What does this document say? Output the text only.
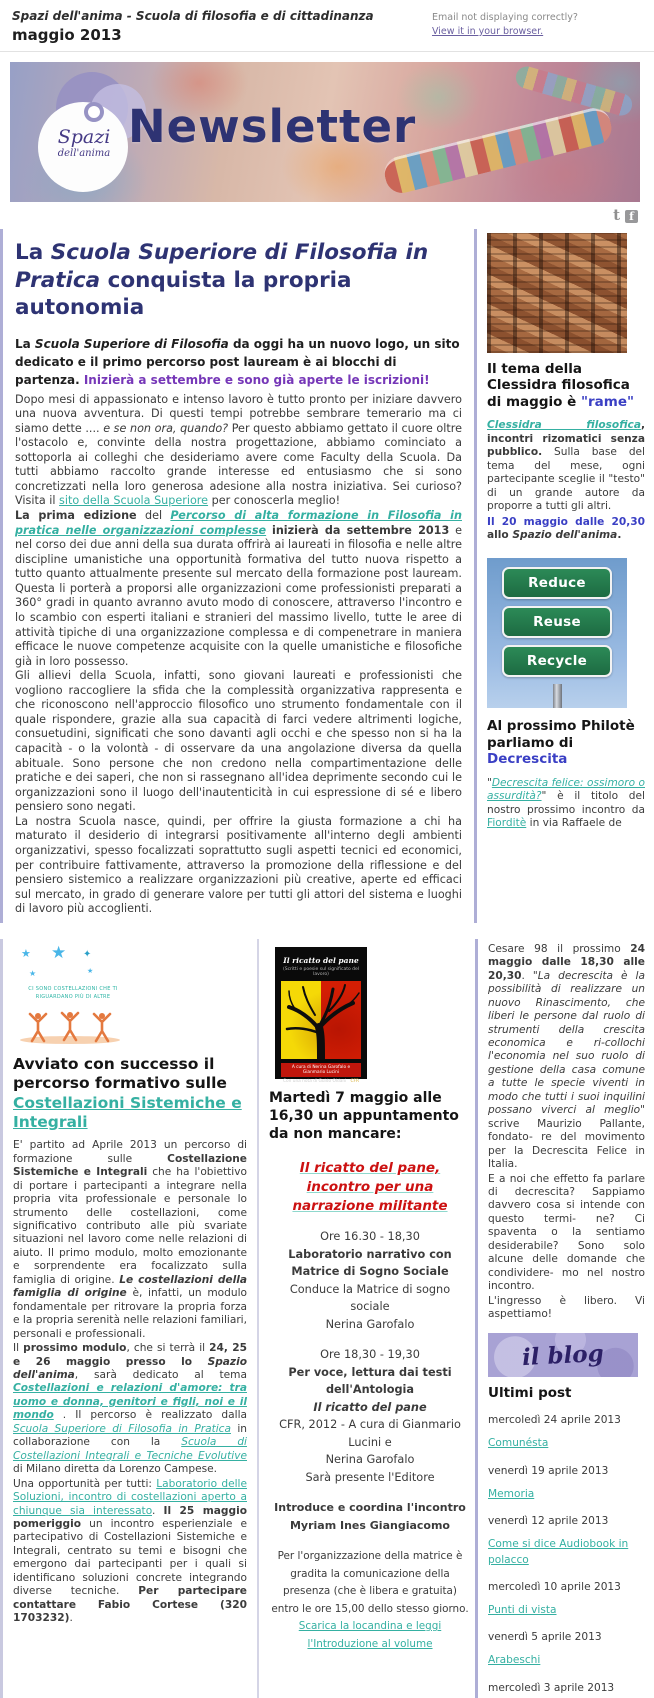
Spazi dell'anima - Scuola di filosofia e di cittadinanza
maggio 2013
Email not displaying correctly?
View it in your browser.
Spazi
dell'anima
Newsletter
t f
La Scuola Superiore di Filosofia in Pratica conquista la propria autonomia

La Scuola Superiore di Filosofia da oggi ha un nuovo logo, un sito dedicato e il primo percorso post lauream è ai blocchi di partenza. Inizierà a settembre e sono già aperte le iscrizioni!

Dopo mesi di appassionato e intenso lavoro è tutto pronto per iniziare davvero una nuova avventura. Di questi tempi potrebbe sembrare temerario ma ci siamo dette .... e se non ora, quando? Per questo abbiamo gettato il cuore oltre l'ostacolo e, convinte della nostra progettazione, abbiamo cominciato a sottoporla ai colleghi che desideriamo avere come Faculty della Scuola. Da tutti abbiamo raccolto grande interesse ed entusiasmo che si sono concretizzati nella loro generosa adesione alla nostra iniziativa. Sei curioso? Visita il sito della Scuola Superiore per conoscerla meglio!

La prima edizione del Percorso di alta formazione in Filosofia in pratica nelle organizzazioni complesse inizierà da settembre 2013 e nel corso dei due anni della sua durata offrirà ai laureati in filosofia e nelle altre discipline umanistiche una opportunità formativa del tutto nuova rispetto a tutto quanto attualmente presente sul mercato della formazione post lauream. Questa li porterà a proporsi alle organizzazioni come professionisti preparati a 360° gradi in quanto avranno avuto modo di conoscere, attraverso l'incontro e lo scambio con esperti italiani e stranieri del massimo livello, tutte le aree di attività tipiche di una organizzazione complessa e di compenetrare in maniera efficace le nuove competenze acquisite con la quelle umanistiche e filosofiche già in loro possesso.

Gli allievi della Scuola, infatti, sono giovani laureati e professionisti che vogliono raccogliere la sfida che la complessità organizzativa rappresenta e che riconoscono nell'approccio filosofico uno strumento fondamentale con il quale rispondere, grazie alla sua capacità di farci vedere altrimenti logiche, consuetudini, significati che sono davanti agli occhi e che spesso non si ha la capacità - o la volontà - di osservare da una angolazione diversa da quella abituale. Sono persone che non credono nella compartimentazione delle pratiche e dei saperi, che non si rassegnano all'idea deprimente secondo cui le organizzazioni sono il luogo dell'inautenticità in cui espressione di sé e libero pensiero sono negati.

La nostra Scuola nasce, quindi, per offrire la giusta formazione a chi ha maturato il desiderio di integrarsi positivamente all'interno degli ambienti organizzativi, spesso focalizzati soprattutto sugli aspetti tecnici ed economici, per contribuire fattivamente, attraverso la promozione della riflessione e del pensiero sistemico a realizzare organizzazioni più creative, aperte ed efficaci sul mercato, in grado di generare valore per tutti gli attori del sistema e luoghi di lavoro più accoglienti.

Il tema della Clessidra filosofica di maggio è "rame"

Clessidra filosofica, incontri rizomatici senza pubblico. Sulla base del tema del mese, ogni partecipante sceglie il "testo" di un grande autore da proporre a tutti gli altri.

Il 20 maggio dalle 20,30 allo Spazio dell'anima.

Reduce
Reuse
Recycle
Al prossimo Philotè parliamo di Decrescita

"Decrescita felice: ossimoro o assurdità?" è il titolo del nostro prossimo incontro da Fiorditè in via Raffaele de

★ ★ ✦
★	★
CI SONO COSTELLAZIONI CHE TI RIGUARDANO PIÙ DI ALTRE
Avviato con successo il percorso formativo sulle Costellazioni Sistemiche e Integrali

E' partito ad Aprile 2013 un percorso di formazione sulle Costellazione Sistemiche e Integrali che ha l'obiettivo di portare i partecipanti a integrare nella propria vita professionale e personale lo strumento delle costellazioni, come significativo contributo alle più svariate situazioni nel lavoro come nelle relazioni di aiuto. Il primo modulo, molto emozionante e sorprendente era focalizzato sulla famiglia di origine. Le costellazioni della famiglia di origine è, infatti, un modulo fondamentale per ritrovare la propria forza e la propria serenità nelle relazioni familiari, personali e professionali.

Il prossimo modulo, che si terrà il 24, 25 e 26 maggio presso lo Spazio dell'anima, sarà dedicato al tema Costellazioni e relazioni d'amore: tra uomo e donna, genitori e figli, noi e il mondo . Il percorso è realizzato dalla Scuola Superiore di Filosofia in Pratica in collaborazione con la Scuola di Costellazioni Integrali e Tecniche Evolutive di Milano diretta da Lorenzo Campese.

Una opportunità per tutti: Laboratorio delle Soluzioni, incontro di costellazioni aperto a chiunque sia interessato. Il 25 maggio pomeriggio un incontro esperienziale e partecipativo di Costellazioni Sistemiche e Integrali, centrato su temi e bisogni che emergono dai partecipanti per i quali si identificano soluzioni concrete integrando diverse tecniche. Per partecipare contattare Fabio Cortese (320 1703232).

Il ricatto del pane
(Scritti e poesie sul significato del lavoro)
A cura di Nerina Garofalo e Gianmario Lucini
Con una nota di Guido Oldani CFR
Martedì 7 maggio alle 16,30 un appuntamento da non mancare:
Il ricatto del pane, incontro per una narrazione militante
Ore 16.30 - 18,30
Laboratorio narrativo con
Matrice di Sogno Sociale
Conduce la Matrice di sogno sociale
Nerina Garofalo
Ore 18,30 - 19,30
Per voce, lettura dai testi dell'Antologia
Il ricatto del pane
CFR, 2012 - A cura di Gianmario Lucini e
Nerina Garofalo
Sarà presente l'Editore
Introduce e coordina l'incontro
Myriam Ines Giangiacomo
Per l'organizzazione della matrice è gradita la comunicazione della presenza (che è libera e gratuita) entro le ore 15,00 dello stesso giorno.
Scarica la locandina e leggi l'Introduzione al volume

Cesare 98 il prossimo 24 maggio dalle 18,30 alle 20,30. "La decrescita è la possibilità di realizzare un nuovo Rinascimento, che liberi le persone dal ruolo di strumenti della crescita economica e ri-collochi l'economia nel suo ruolo di gestione della casa comune a tutte le specie viventi in modo che tutti i suoi inquilini possano viverci al meglio" scrive Maurizio Pallante, fondato- re del movimento per la Decrescita Felice in Italia.

E a noi che effetto fa parlare di decrescita? Sappiamo davvero cosa si intende con questo termi- ne? Ci spaventa o la sentiamo desiderabile? Sono solo alcune delle domande che condividere- mo nel nostro incontro.

L'ingresso è libero. Vi aspettiamo!

il blog
Ultimi post
mercoledì 24 aprile 2013
Comunésta
venerdì 19 aprile 2013
Memoria
venerdì 12 aprile 2013
Come si dice Audiobook in polacco
mercoledì 10 aprile 2013
Punti di vista
venerdì 5 aprile 2013
Arabeschi
mercoledì 3 aprile 2013
